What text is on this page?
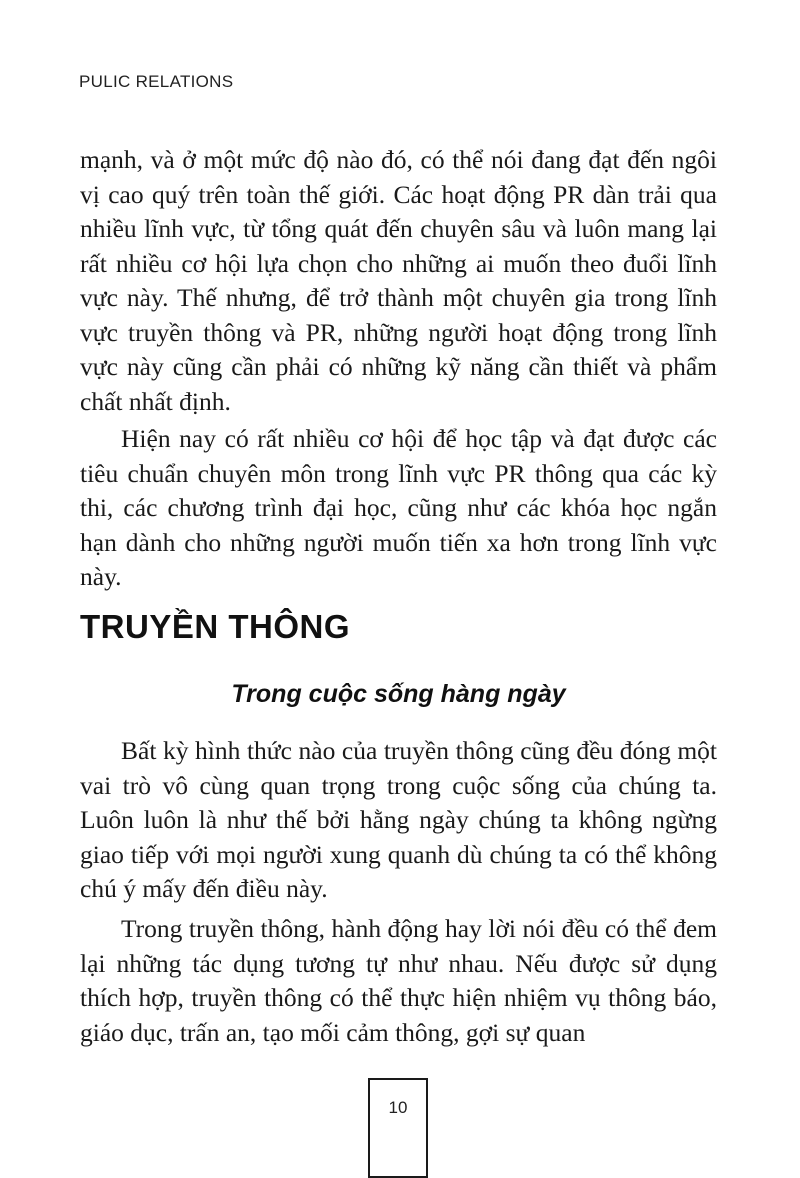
PULIC RELATIONS

mạnh, và ở một mức độ nào đó, có thể nói đang đạt đến ngôi vị cao quý trên toàn thế giới. Các hoạt động PR dàn trải qua nhiều lĩnh vực, từ tổng quát đến chuyên sâu và luôn mang lại rất nhiều cơ hội lựa chọn cho những ai muốn theo đuổi lĩnh vực này. Thế nhưng, để trở thành một chuyên gia trong lĩnh vực truyền thông và PR, những người hoạt động trong lĩnh vực này cũng cần phải có những kỹ năng cần thiết và phẩm chất nhất định.

Hiện nay có rất nhiều cơ hội để học tập và đạt được các tiêu chuẩn chuyên môn trong lĩnh vực PR thông qua các kỳ thi, các chương trình đại học, cũng như các khóa học ngắn hạn dành cho những người muốn tiến xa hơn trong lĩnh vực này.

TRUYỀN THÔNG
Trong cuộc sống hàng ngày

Bất kỳ hình thức nào của truyền thông cũng đều đóng một vai trò vô cùng quan trọng trong cuộc sống của chúng ta. Luôn luôn là như thế bởi hằng ngày chúng ta không ngừng giao tiếp với mọi người xung quanh dù chúng ta có thể không chú ý mấy đến điều này.

Trong truyền thông, hành động hay lời nói đều có thể đem lại những tác dụng tương tự như nhau. Nếu được sử dụng thích hợp, truyền thông có thể thực hiện nhiệm vụ thông báo, giáo dục, trấn an, tạo mối cảm thông, gợi sự quan

10
